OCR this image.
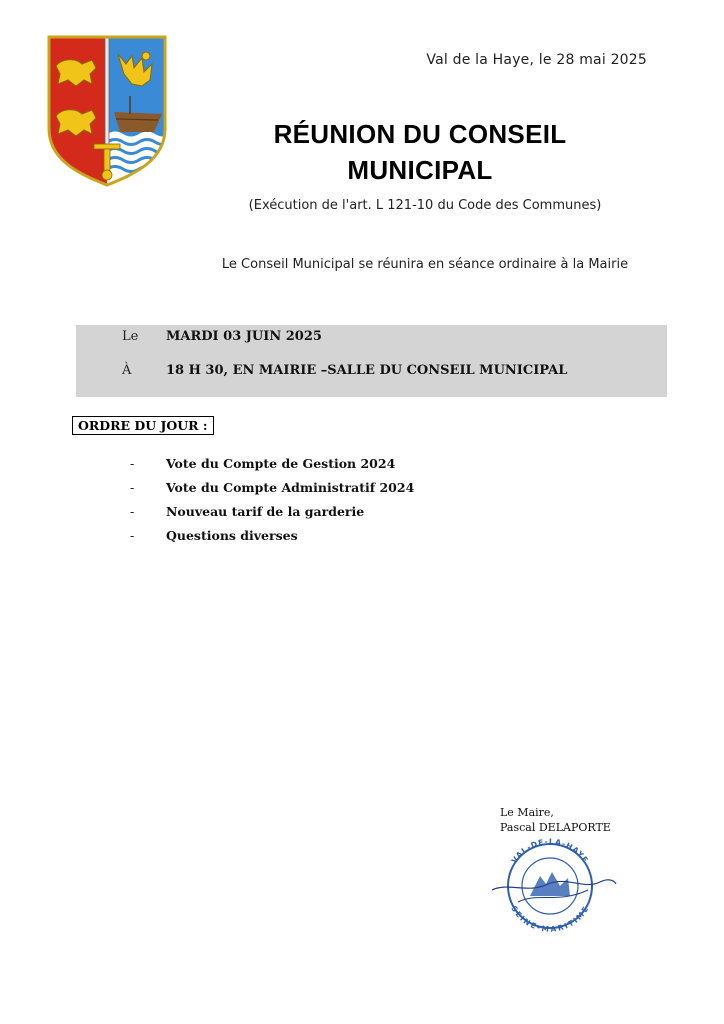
Val de la Haye, le 28 mai 2025
RÉUNION DU CONSEIL
MUNICIPAL
(Exécution de l'art. L 121-10 du Code des Communes)
Le Conseil Municipal se réunira en séance ordinaire à la Mairie
Le MARDI 03 JUIN 2025
À	18 H 30, EN MAIRIE –SALLE DU CONSEIL MUNICIPAL
ORDRE DU JOUR :
-	Vote du Compte de Gestion 2024
-	Vote du Compte Administratif 2024
-	Nouveau tarif de la garderie
-	Questions diverses
Le Maire,
Pascal DELAPORTE
VAL-DE-LA-HAYE
SEINE-MARITIME
